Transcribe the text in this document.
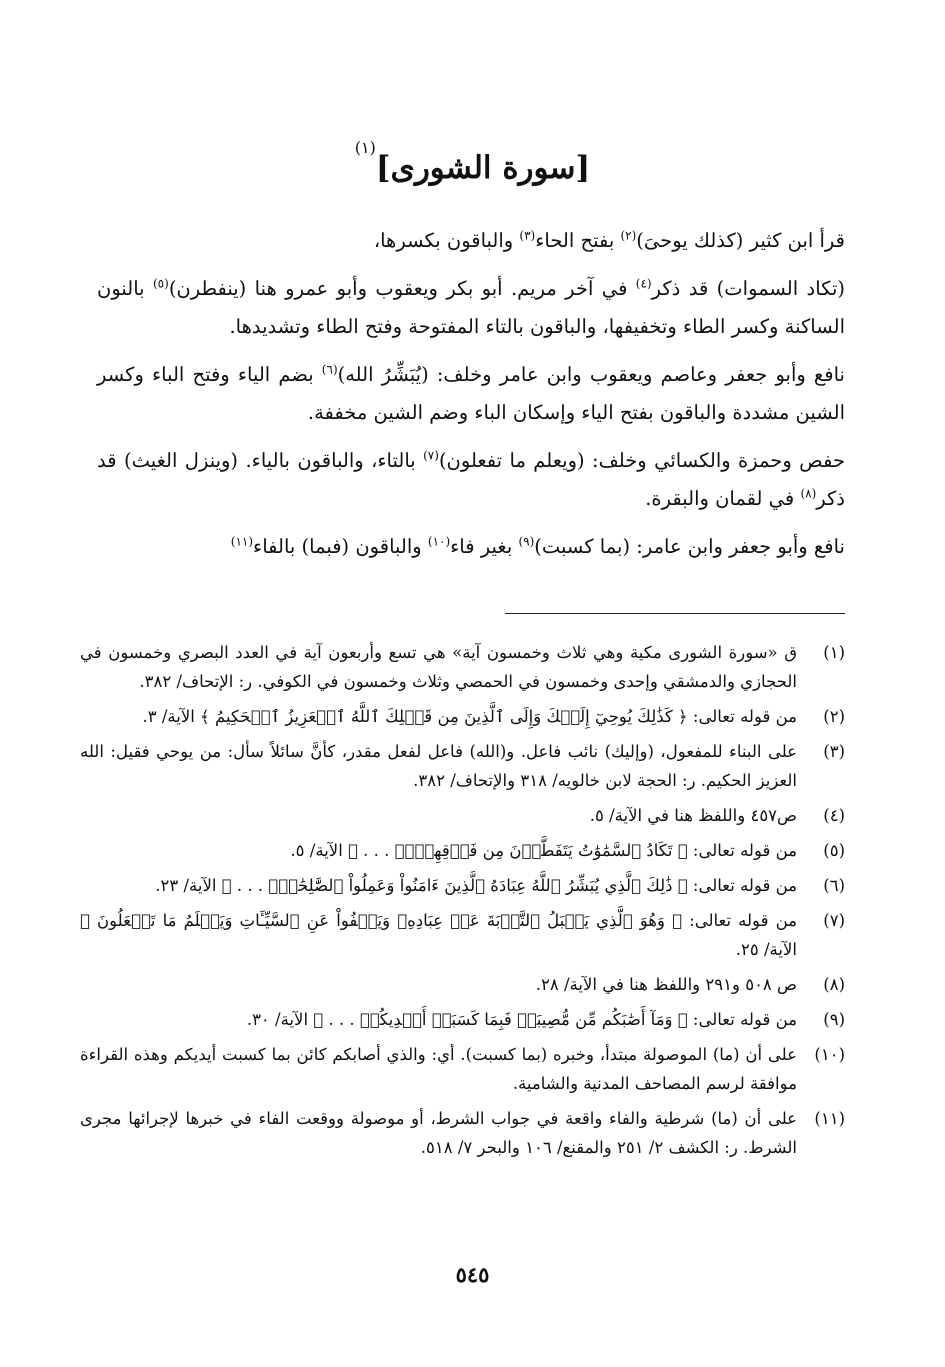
[سورة الشورى]$^{(١)}$

قرأ ابن كثير (كذلك يوحىَ)$^{(٢)}$ بفتح الحاء$^{(٣)}$ والباقون بكسرها،

(تكاد السموات) قد ذكر$^{(٤)}$ في آخر مريم. أبو بكر ويعقوب وأبو عمرو هنا (ينفطرن)$^{(٥)}$ بالنون الساكنة وكسر الطاء وتخفيفها، والباقون بالتاء المفتوحة وفتح الطاء وتشديدها.

نافع وأبو جعفر وعاصم ويعقوب وابن عامر وخلف: (يُبَشِّرُ الله)$^{(٦)}$ بضم الياء وفتح الباء وكسر الشين مشددة والباقون بفتح الياء وإسكان الباء وضم الشين مخففة.

حفص وحمزة والكسائي وخلف: (ويعلم ما تفعلون)$^{(٧)}$ بالتاء، والباقون بالياء. (وينزل الغيث) قد ذكر$^{(٨)}$ في لقمان والبقرة.

نافع وأبو جعفر وابن عامر: (بما كسبت)$^{(٩)}$ بغير فاء$^{(١٠)}$ والباقون (فبما) بالفاء$^{(١١)}$

(١)
ق «سورة الشورى مكية وهي ثلاث وخمسون آية» هي تسع وأربعون آية في العدد البصري وخمسون في الحجازي والدمشقي وإحدى وخمسون في الحمصي وثلاث وخمسون في الكوفي. ر: الإتحاف/ ٣٨٢.
(٢)
من قوله تعالى: ﴿ كَذَٰلِكَ يُوحِيٓ إِلَيۡكَ وَإِلَى ٱلَّذِينَ مِن قَبۡلِكَ ٱللَّهُ ٱلۡعَزِيزُ ٱلۡحَكِيمُ ﴾ الآية/ ٣.
(٣)
على البناء للمفعول، (وإليك) نائب فاعل. و(الله) فاعل لفعل مقدر، كأنَّ سائلاً سأل: من يوحي فقيل: الله العزيز الحكيم. ر: الحجة لابن خالويه/ ٣١٨ والإتحاف/ ٣٨٢.
(٤)
ص٤٥٧ واللفظ هنا في الآية/ ٥.
(٥)
من قوله تعالى: ﴿ تَكَادُ ٱلسَّمَٰوَٰتُ يَتَفَطَّرۡنَ مِن فَوۡقِهِنَّۚ . . . ﴾ الآية/ ٥.
(٦)
من قوله تعالى: ﴿ ذَٰلِكَ ٱلَّذِي يُبَشِّرُ ٱللَّهُ عِبَادَهُ ٱلَّذِينَ ءَامَنُواْ وَعَمِلُواْ ٱلصَّٰلِحَٰتِۗ . . . ﴾ الآية/ ٢٣.
(٧)
من قوله تعالى: ﴿ وَهُوَ ٱلَّذِي يَقۡبَلُ ٱلتَّوۡبَةَ عَنۡ عِبَادِهِۦ وَيَعۡفُواْ عَنِ ٱلسَّيِّـَٔاتِ وَيَعۡلَمُ مَا تَفۡعَلُونَ ﴾ الآية/ ٢٥.
(٨)
ص ٥٠٨ و٢٩١ واللفظ هنا في الآية/ ٢٨.
(٩)
من قوله تعالى: ﴿ وَمَآ أَصَٰبَكُم مِّن مُّصِيبَةٖ فَبِمَا كَسَبَتۡ أَيۡدِيكُمۡ . . . ﴾ الآية/ ٣٠.
(١٠)
على أن (ما) الموصولة مبتدأ، وخبره (بما كسبت). أي: والذي أصابكم كائن بما كسبت أيديكم وهذه القراءة موافقة لرسم المصاحف المدنية والشامية.
(١١)
على أن (ما) شرطية والفاء واقعة في جواب الشرط، أو موصولة ووقعت الفاء في خبرها لإجرائها مجرى الشرط. ر: الكشف ٢/ ٢٥١ والمقنع/ ١٠٦ والبحر ٧/ ٥١٨.
٥٤٥
